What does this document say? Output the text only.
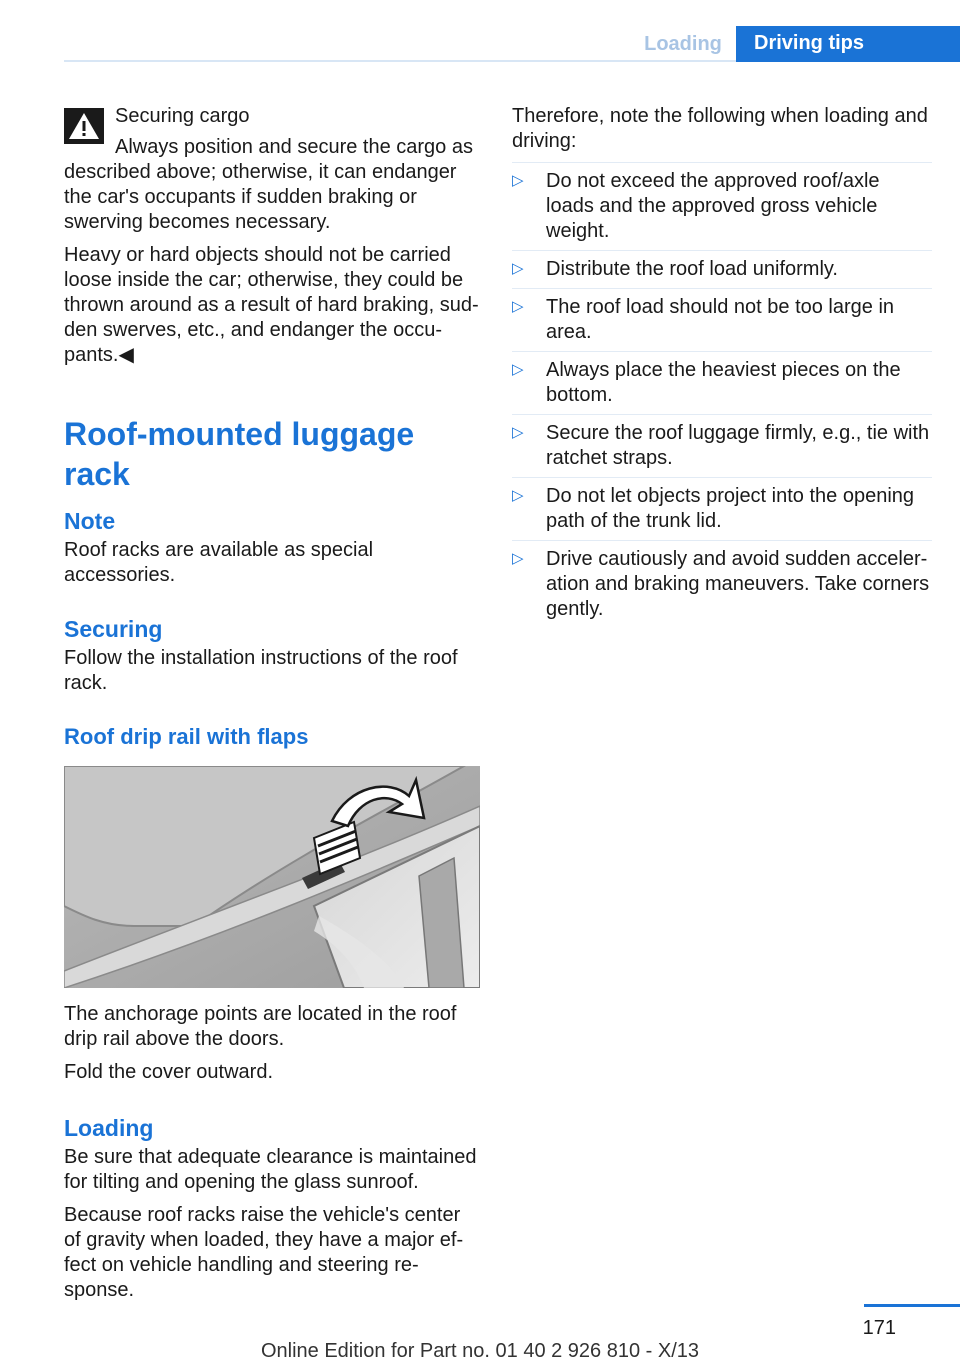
Loading	Driving tips

Securing cargo

Always position and secure the cargo as described above; otherwise, it can endanger the car's occupants if sudden braking or swerving becomes necessary.

Heavy or hard objects should not be carried loose inside the car; otherwise, they could be thrown around as a result of hard braking, sud‐den swerves, etc., and endanger the occu‐pants.◀

Roof-mounted luggage rack
Note

Roof racks are available as special accessories.

Securing

Follow the installation instructions of the roof rack.

Roof drip rail with flaps

The anchorage points are located in the roof drip rail above the doors.

Fold the cover outward.

Loading

Be sure that adequate clearance is maintained for tilting and opening the glass sunroof.

Because roof racks raise the vehicle's center of gravity when loaded, they have a major ef‐fect on vehicle handling and steering re‐sponse.

Therefore, note the following when loading and driving:

▷ Do not exceed the approved roof/axle loads and the approved gross vehicle weight.
▷ Distribute the roof load uniformly.
▷ The roof load should not be too large in area.
▷ Always place the heaviest pieces on the bottom.
▷ Secure the roof luggage firmly, e.g., tie with ratchet straps.
▷ Do not let objects project into the opening path of the trunk lid.
▷ Drive cautiously and avoid sudden acceler‐ation and braking maneuvers. Take corners gently.
171
Online Edition for Part no. 01 40 2 926 810 - X/13
